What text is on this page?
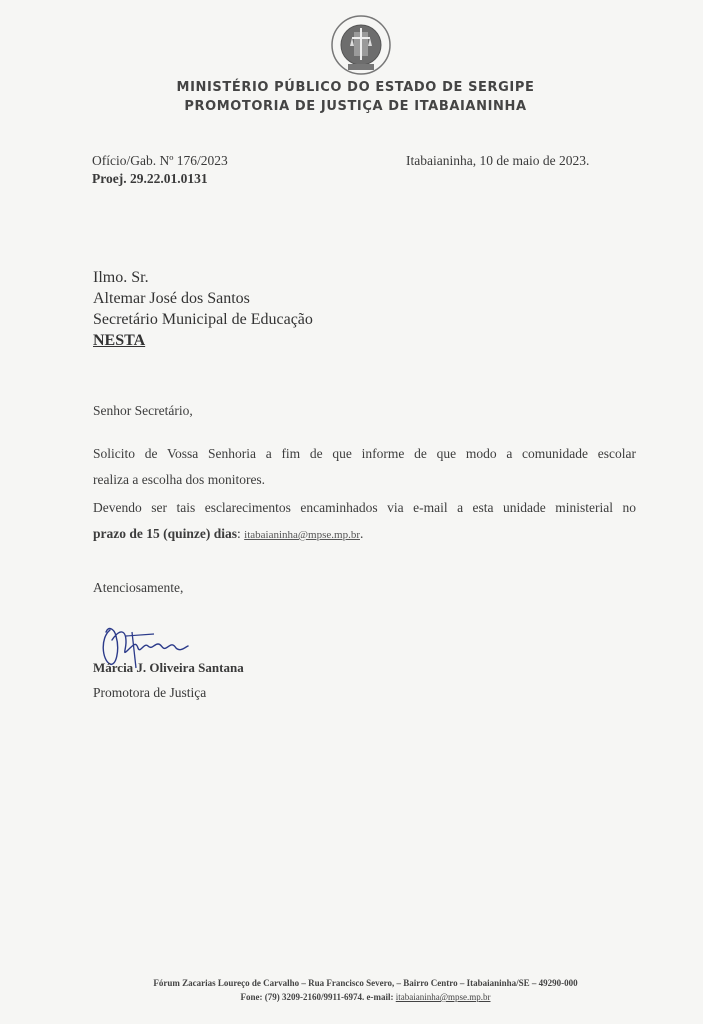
MINISTÉRIO PÚBLICO DO ESTADO DE SERGIPE
PROMOTORIA DE JUSTIÇA DE ITABAIANINHA
Ofício/Gab. Nº 176/2023
Proej. 29.22.01.0131
Itabaianinha, 10 de maio de 2023.
Ilmo. Sr.
Altemar José dos Santos
Secretário Municipal de Educação
NESTA
Senhor Secretário,
Solicito de Vossa Senhoria a fim de que informe de que modo a comunidade escolar
realiza a escolha dos monitores.
Devendo ser tais esclarecimentos encaminhados via e-mail a esta unidade ministerial no
prazo de 15 (quinze) dias: itabaianinha@mpse.mp.br.
Atenciosamente,
Márcia J. Oliveira Santana
Promotora de Justiça
Fórum Zacarias Loureço de Carvalho – Rua Francisco Severo, – Bairro Centro – Itabaianinha/SE – 49290-000
Fone: (79) 3209-2160/9911-6974. e-mail: itabaianinha@mpse.mp.br
